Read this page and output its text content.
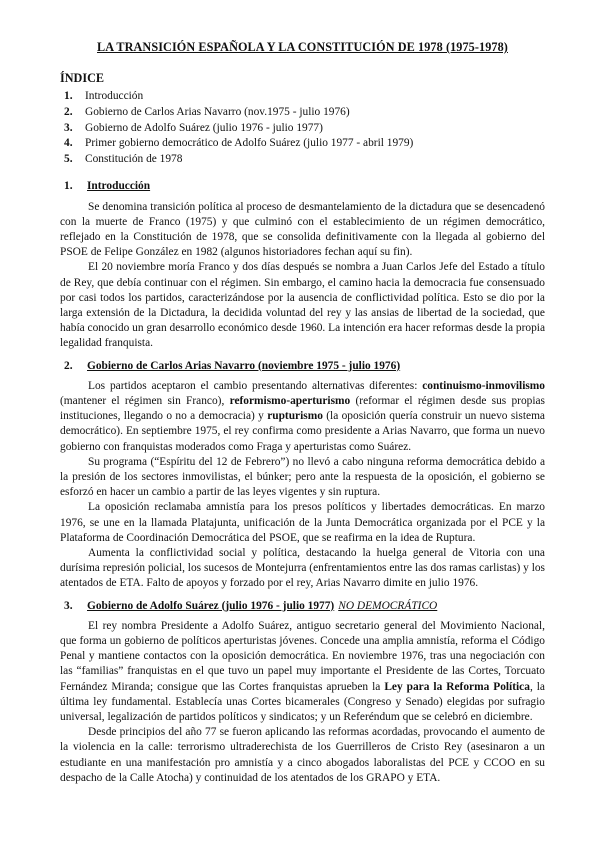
LA TRANSICIÓN ESPAÑOLA Y LA CONSTITUCIÓN DE 1978 (1975-1978)
ÍNDICE
1. Introducción
2. Gobierno de Carlos Arias Navarro (nov.1975 - julio 1976)
3. Gobierno de Adolfo Suárez (julio 1976 - julio 1977)
4. Primer gobierno democrático de Adolfo Suárez (julio 1977 - abril 1979)
5. Constitución de 1978
1. Introducción

Se denomina transición política al proceso de desmantelamiento de la dictadura que se desencadenó con la muerte de Franco (1975) y que culminó con el establecimiento de un régimen democrático, reflejado en la Constitución de 1978, que se consolida definitivamente con la llegada al gobierno del PSOE de Felipe González en 1982 (algunos historiadores fechan aquí su fin).

El 20 noviembre moría Franco y dos días después se nombra a Juan Carlos Jefe del Estado a título de Rey, que debía continuar con el régimen. Sin embargo, el camino hacia la democracia fue consensuado por casi todos los partidos, caracterizándose por la ausencia de conflictividad política. Esto se dio por la larga extensión de la Dictadura, la decidida voluntad del rey y las ansias de libertad de la sociedad, que había conocido un gran desarrollo económico desde 1960. La intención era hacer reformas desde la propia legalidad franquista.

2. Gobierno de Carlos Arias Navarro (noviembre 1975 - julio 1976)

Los partidos aceptaron el cambio presentando alternativas diferentes: continuismo-inmovilismo (mantener el régimen sin Franco), reformismo-aperturismo (reformar el régimen desde sus propias instituciones, llegando o no a democracia) y rupturismo (la oposición quería construir un nuevo sistema democrático). En septiembre 1975, el rey confirma como presidente a Arias Navarro, que forma un nuevo gobierno con franquistas moderados como Fraga y aperturistas como Suárez.

Su programa (“Espíritu del 12 de Febrero”) no llevó a cabo ninguna reforma democrática debido a la presión de los sectores inmovilistas, el búnker; pero ante la respuesta de la oposición, el gobierno se esforzó en hacer un cambio a partir de las leyes vigentes y sin ruptura.

La oposición reclamaba amnistía para los presos políticos y libertades democráticas. En marzo 1976, se une en la llamada Platajunta, unificación de la Junta Democrática organizada por el PCE y la Plataforma de Coordinación Democrática del PSOE, que se reafirma en la idea de Ruptura.

Aumenta la conflictividad social y política, destacando la huelga general de Vitoria con una durísima represión policial, los sucesos de Montejurra (enfrentamientos entre las dos ramas carlistas) y los atentados de ETA. Falto de apoyos y forzado por el rey, Arias Navarro dimite en julio 1976.

3. Gobierno de Adolfo Suárez (julio 1976 - julio 1977) NO DEMOCRÁTICO

El rey nombra Presidente a Adolfo Suárez, antiguo secretario general del Movimiento Nacional, que forma un gobierno de políticos aperturistas jóvenes. Concede una amplia amnistía, reforma el Código Penal y mantiene contactos con la oposición democrática. En noviembre 1976, tras una negociación con las “familias” franquistas en el que tuvo un papel muy importante el Presidente de las Cortes, Torcuato Fernández Miranda; consigue que las Cortes franquistas aprueben la Ley para la Reforma Política, la última ley fundamental. Establecía unas Cortes bicamerales (Congreso y Senado) elegidas por sufragio universal, legalización de partidos políticos y sindicatos; y un Referéndum que se celebró en diciembre.

Desde principios del año 77 se fueron aplicando las reformas acordadas, provocando el aumento de la violencia en la calle: terrorismo ultraderechista de los Guerrilleros de Cristo Rey (asesinaron a un estudiante en una manifestación pro amnistía y a cinco abogados laboralistas del PCE y CCOO en su despacho de la Calle Atocha) y continuidad de los atentados de los GRAPO y ETA.
